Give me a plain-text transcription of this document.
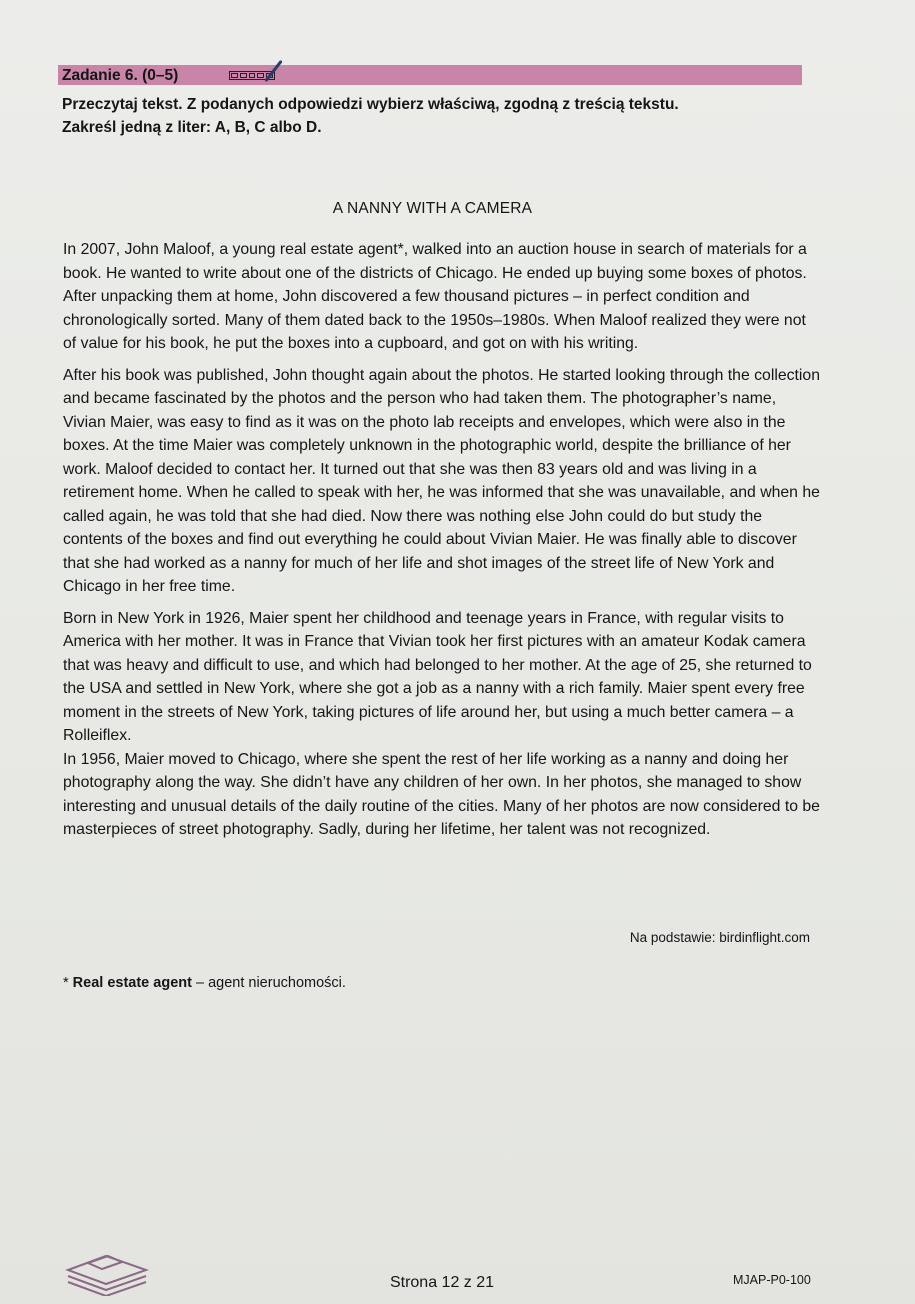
Zadanie 6. (0–5)
Przeczytaj tekst. Z podanych odpowiedzi wybierz właściwą, zgodną z treścią tekstu.
Zakreśl jedną z liter: A, B, C albo D.
A NANNY WITH A CAMERA

In 2007, John Maloof, a young real estate agent*, walked into an auction house in search of materials for a book. He wanted to write about one of the districts of Chicago. He ended up buying some boxes of photos. After unpacking them at home, John discovered a few thousand pictures – in perfect condition and chronologically sorted. Many of them dated back to the 1950s–1980s. When Maloof realized they were not of value for his book, he put the boxes into a cupboard, and got on with his writing.

After his book was published, John thought again about the photos. He started looking through the collection and became fascinated by the photos and the person who had taken them. The photographer’s name, Vivian Maier, was easy to find as it was on the photo lab receipts and envelopes, which were also in the boxes. At the time Maier was completely unknown in the photographic world, despite the brilliance of her work. Maloof decided to contact her. It turned out that she was then 83 years old and was living in a retirement home. When he called to speak with her, he was informed that she was unavailable, and when he called again, he was told that she had died. Now there was nothing else John could do but study the contents of the boxes and find out everything he could about Vivian Maier. He was finally able to discover that she had worked as a nanny for much of her life and shot images of the street life of New York and Chicago in her free time.

Born in New York in 1926, Maier spent her childhood and teenage years in France, with regular visits to America with her mother. It was in France that Vivian took her first pictures with an amateur Kodak camera that was heavy and difficult to use, and which had belonged to her mother. At the age of 25, she returned to the USA and settled in New York, where she got a job as a nanny with a rich family. Maier spent every free moment in the streets of New York, taking pictures of life around her, but using a much better camera – a Rolleiflex.

In 1956, Maier moved to Chicago, where she spent the rest of her life working as a nanny and doing her photography along the way. She didn’t have any children of her own. In her photos, she managed to show interesting and unusual details of the daily routine of the cities. Many of her photos are now considered to be masterpieces of street photography. Sadly, during her lifetime, her talent was not recognized.

Na podstawie: birdinflight.com
* Real estate agent – agent nieruchomości.
Strona 12 z 21	MJAP-P0-100
